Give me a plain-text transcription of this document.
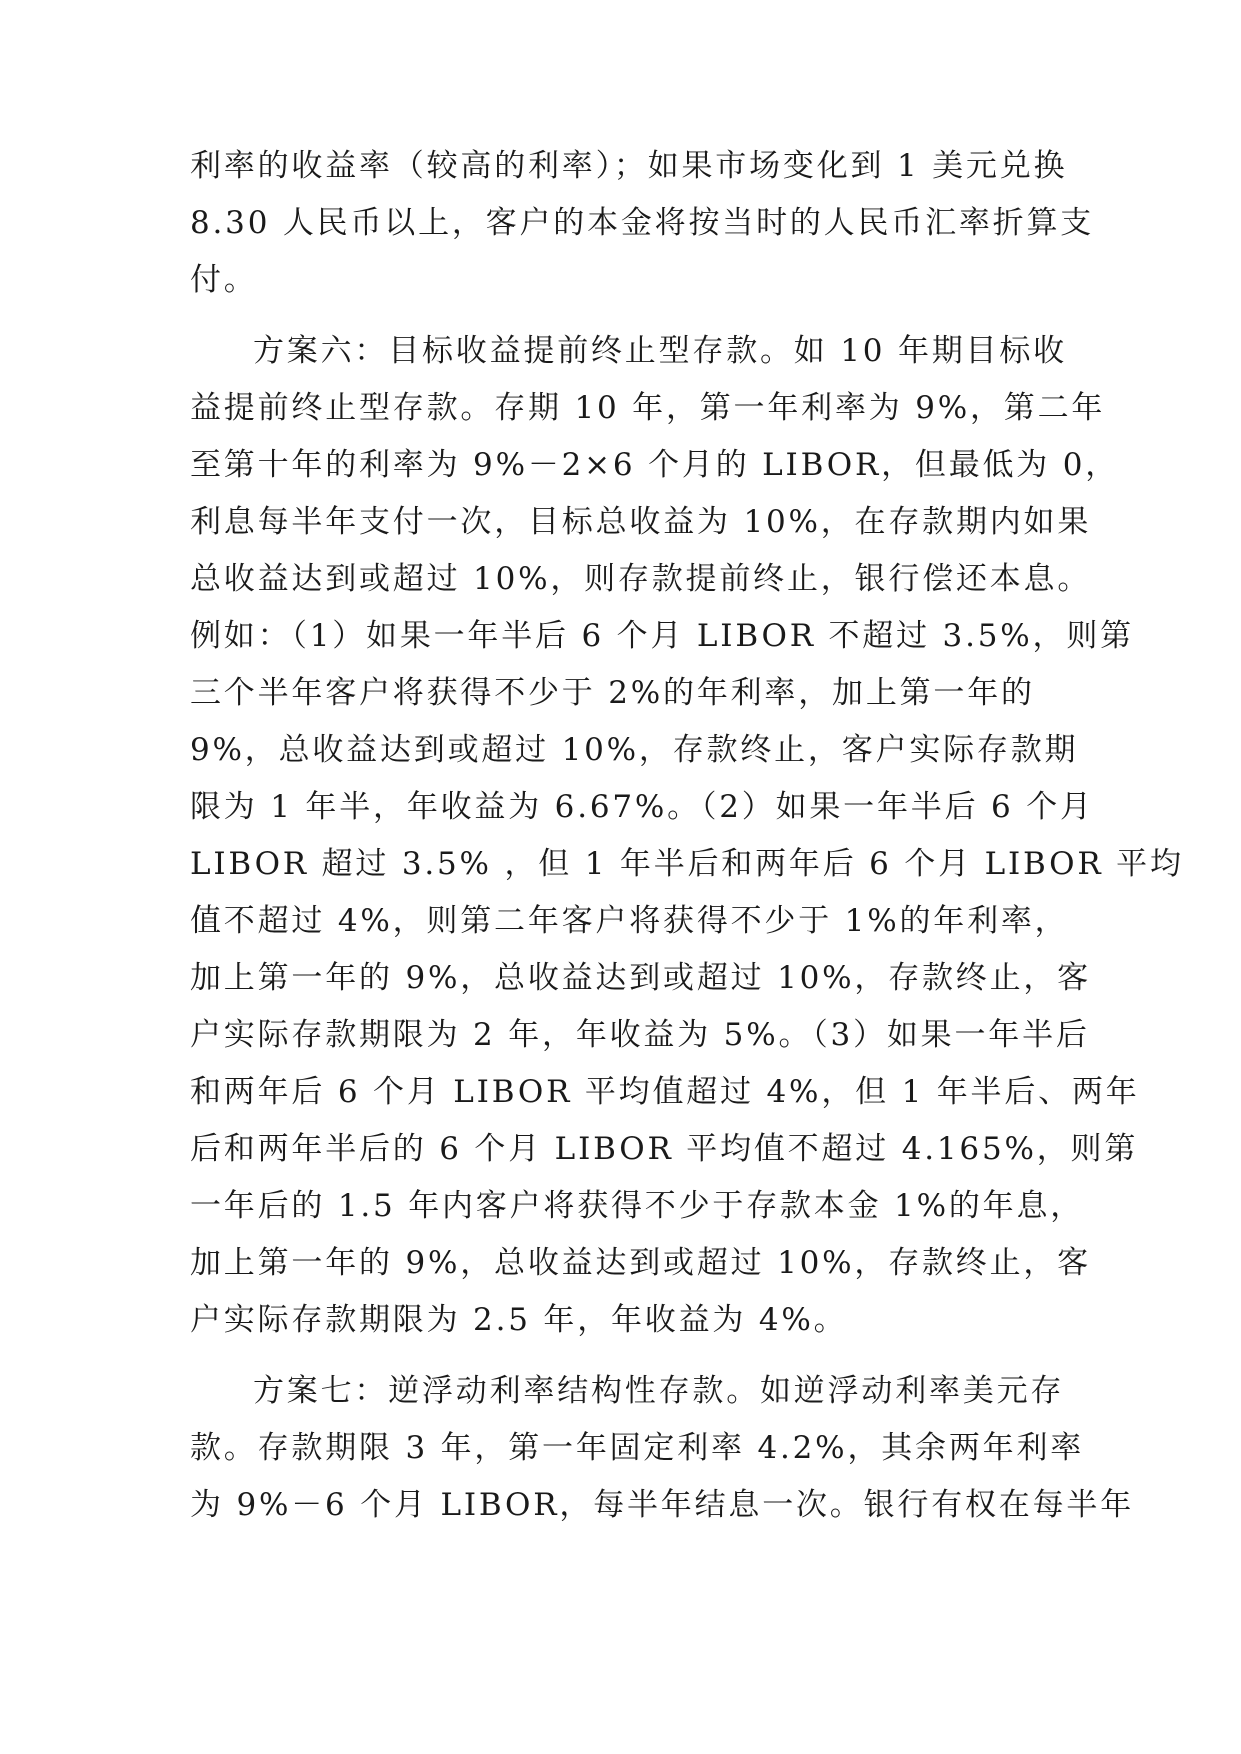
利率的收益率（较高的利率）；如果市场变化到 1 美元兑换

8.30 人民币以上，客户的本金将按当时的人民币汇率折算支

付。

方案六：目标收益提前终止型存款。如 10 年期目标收

益提前终止型存款。存期 10 年，第一年利率为 9%，第二年

至第十年的利率为 9%－2×6 个月的 LIBOR，但最低为 0，

利息每半年支付一次，目标总收益为 10%，在存款期内如果

总收益达到或超过 10%，则存款提前终止，银行偿还本息。

例如：（1）如果一年半后 6 个月 LIBOR 不超过 3.5%，则第

三个半年客户将获得不少于 2%的年利率，加上第一年的

9%，总收益达到或超过 10%，存款终止，客户实际存款期

限为 1 年半，年收益为 6.67%。（2）如果一年半后 6 个月

LIBOR 超过 3.5% ，但 1 年半后和两年后 6 个月 LIBOR 平均

值不超过 4%，则第二年客户将获得不少于 1%的年利率，

加上第一年的 9%，总收益达到或超过 10%，存款终止，客

户实际存款期限为 2 年，年收益为 5%。（3）如果一年半后

和两年后 6 个月 LIBOR 平均值超过 4%，但 1 年半后、两年

后和两年半后的 6 个月 LIBOR 平均值不超过 4.165%，则第

一年后的 1.5 年内客户将获得不少于存款本金 1%的年息，

加上第一年的 9%，总收益达到或超过 10%，存款终止，客

户实际存款期限为 2.5 年，年收益为 4%。

方案七：逆浮动利率结构性存款。如逆浮动利率美元存

款。存款期限 3 年，第一年固定利率 4.2%，其余两年利率

为 9%－6 个月 LIBOR，每半年结息一次。银行有权在每半年
